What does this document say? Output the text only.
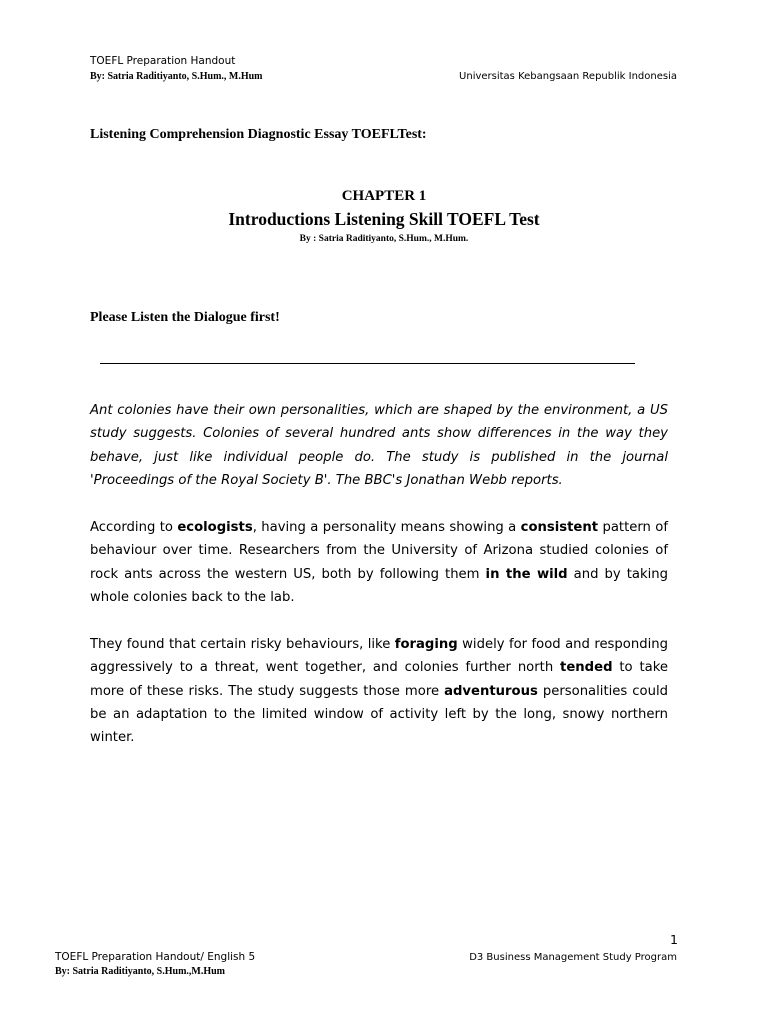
TOEFL Preparation Handout
By: Satria Raditiyanto, S.Hum., M.Hum	Universitas Kebangsaan Republik Indonesia
Listening Comprehension Diagnostic Essay TOEFLTest:
CHAPTER 1
Introductions Listening Skill TOEFL Test
By : Satria Raditiyanto, S.Hum., M.Hum.
Please Listen the Dialogue first!

Ant colonies have their own personalities, which are shaped by the environment, a US study suggests. Colonies of several hundred ants show differences in the way they behave, just like individual people do. The study is published in the journal 'Proceedings of the Royal Society B'. The BBC's Jonathan Webb reports.

According to ecologists, having a personality means showing a consistent pattern of behaviour over time. Researchers from the University of Arizona studied colonies of rock ants across the western US, both by following them in the wild and by taking whole colonies back to the lab.

They found that certain risky behaviours, like foraging widely for food and responding aggressively to a threat, went together, and colonies further north tended to take more of these risks. The study suggests those more adventurous personalities could be an adaptation to the limited window of activity left by the long, snowy northern winter.

1
TOEFL Preparation Handout/ English 5
By: Satria Raditiyanto, S.Hum.,M.Hum
D3 Business Management Study Program
